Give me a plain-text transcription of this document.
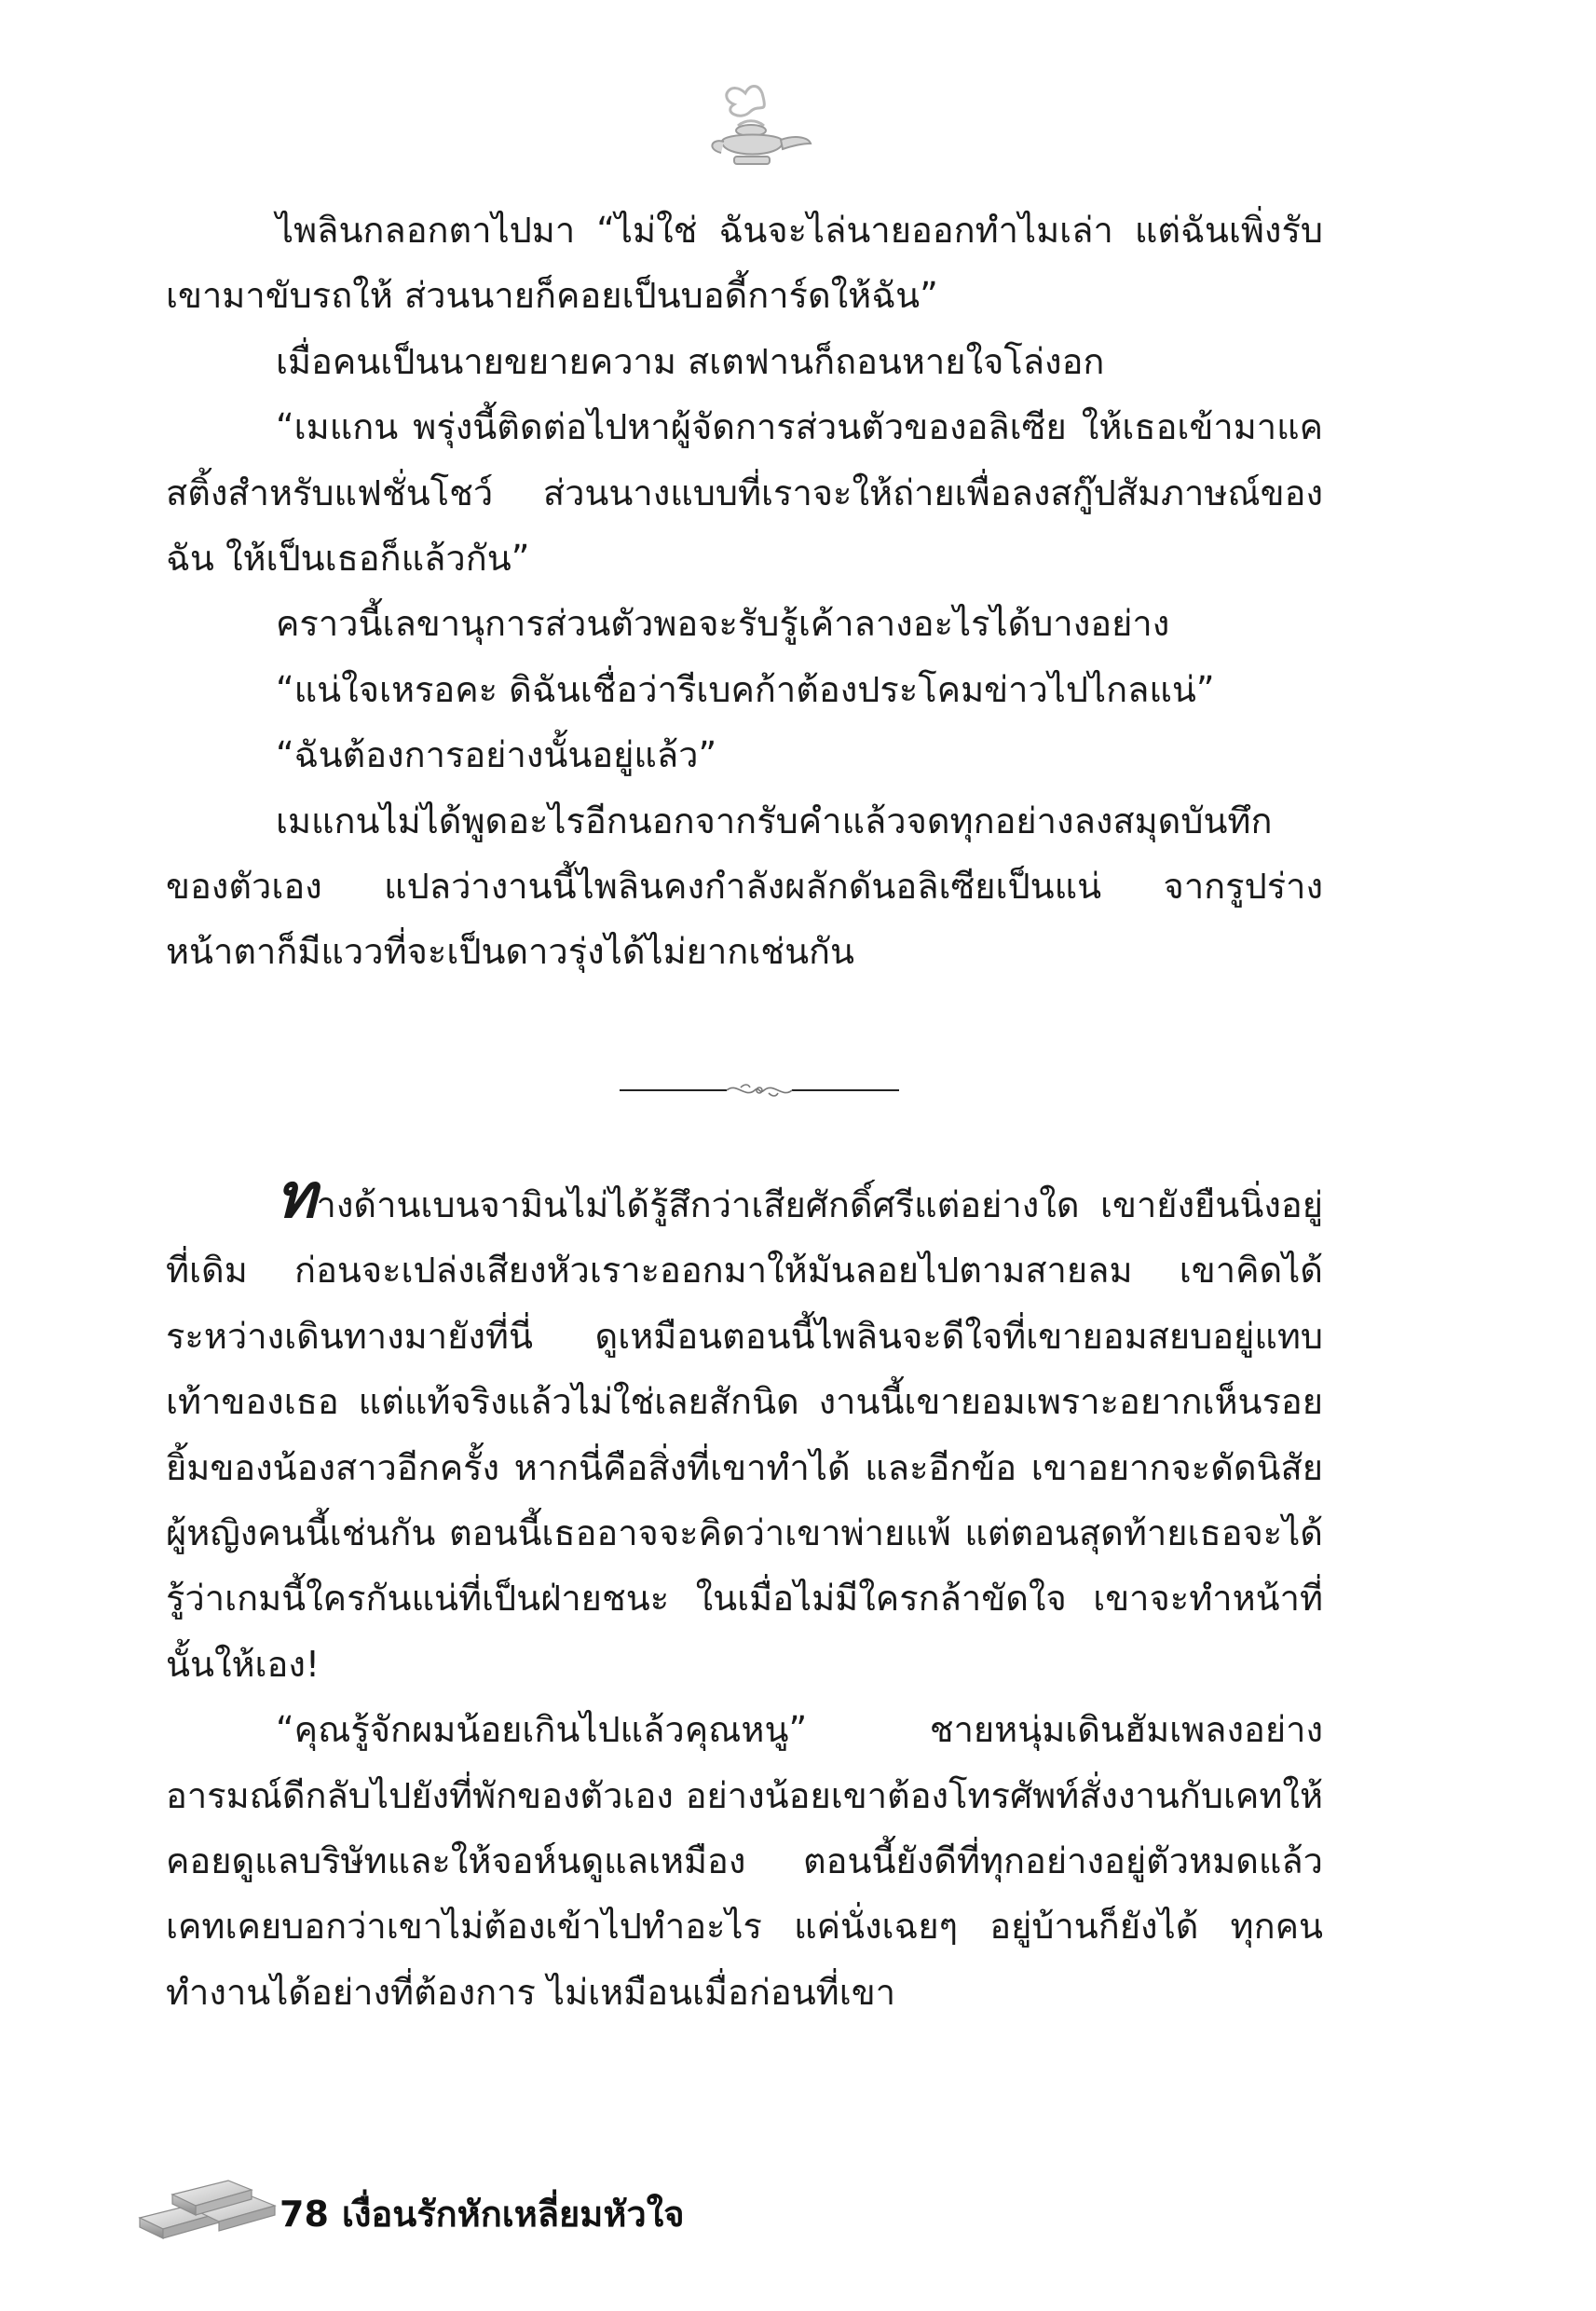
ไพลินกลอกตาไปมา “ไม่ใช่ ฉันจะไล่นายออกทำไมเล่า แต่ฉันเพิ่งรับเขามาขับรถให้ ส่วนนายก็คอยเป็นบอดี้การ์ดให้ฉัน”

เมื่อคนเป็นนายขยายความ สเตฟานก็ถอนหายใจโล่งอก

“เมแกน พรุ่งนี้ติดต่อไปหาผู้จัดการส่วนตัวของอลิเซีย ให้เธอเข้ามาแคสติ้งสำหรับแฟชั่นโชว์ ส่วนนางแบบที่เราจะให้ถ่ายเพื่อลงสกู๊ปสัมภาษณ์ของฉัน ให้เป็นเธอก็แล้วกัน”

คราวนี้เลขานุการส่วนตัวพอจะรับรู้เค้าลางอะไรได้บางอย่าง

“แน่ใจเหรอคะ ดิฉันเชื่อว่ารีเบคก้าต้องประโคมข่าวไปไกลแน่”

“ฉันต้องการอย่างนั้นอยู่แล้ว”

เมแกนไม่ได้พูดอะไรอีกนอกจากรับคำแล้วจดทุกอย่างลงสมุดบันทึกของตัวเอง แปลว่างานนี้ไพลินคงกำลังผลักดันอลิเซียเป็นแน่ จากรูปร่างหน้าตาก็มีแววที่จะเป็นดาวรุ่งได้ไม่ยากเช่นกัน

ทางด้านเบนจามินไม่ได้รู้สึกว่าเสียศักดิ์ศรีแต่อย่างใด เขายังยืนนิ่งอยู่ที่เดิม ก่อนจะเปล่งเสียงหัวเราะออกมาให้มันลอยไปตามสายลม เขาคิดได้ระหว่างเดินทางมายังที่นี่ ดูเหมือนตอนนี้ไพลินจะดีใจที่เขายอมสยบอยู่แทบเท้าของเธอ แต่แท้จริงแล้วไม่ใช่เลยสักนิด งานนี้เขายอมเพราะอยากเห็นรอยยิ้มของน้องสาวอีกครั้ง หากนี่คือสิ่งที่เขาทำได้ และอีกข้อ เขาอยากจะดัดนิสัยผู้หญิงคนนี้เช่นกัน ตอนนี้เธออาจจะคิดว่าเขาพ่ายแพ้ แต่ตอนสุดท้ายเธอจะได้รู้ว่าเกมนี้ใครกันแน่ที่เป็นฝ่ายชนะ ในเมื่อไม่มีใครกล้าขัดใจ เขาจะทำหน้าที่นั้นให้เอง!

“คุณรู้จักผมน้อยเกินไปแล้วคุณหนู” ชายหนุ่มเดินฮัมเพลงอย่างอารมณ์ดีกลับไปยังที่พักของตัวเอง อย่างน้อยเขาต้องโทรศัพท์สั่งงานกับเคทให้คอยดูแลบริษัทและให้จอห์นดูแลเหมือง ตอนนี้ยังดีที่ทุกอย่างอยู่ตัวหมดแล้ว เคทเคยบอกว่าเขาไม่ต้องเข้าไปทำอะไร แค่นั่งเฉยๆ อยู่บ้านก็ยังได้ ทุกคนทำงานได้อย่างที่ต้องการ ไม่เหมือนเมื่อก่อนที่เขา

78 เงื่อนรักหักเหลี่ยมหัวใจ
